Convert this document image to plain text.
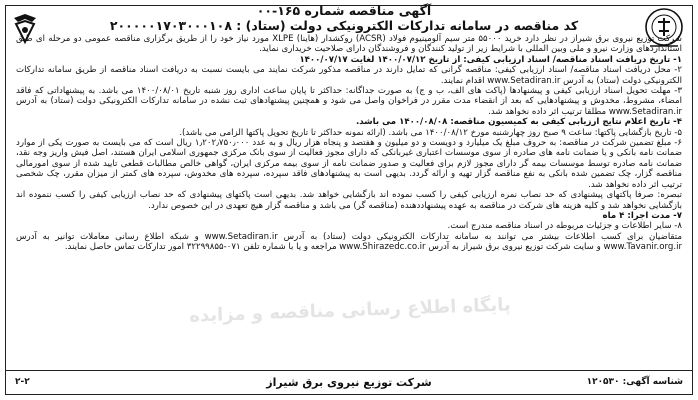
آگهی مناقصه شماره ۱۶۵-۰۰
کد مناقصه در سامانه تدارکات الکترونیکی دولت (ستاد) : ۲۰۰۰۰۰۱۷۰۳۰۰۰۱۰۸

شرکت توزیع نیروی برق شیراز در نظر دارد خرید ۵۵۰۰۰ متر سیم آلومینیوم فولاد (ACSR) روکشدار (هاینا) XLPE مورد نیاز خود را از طریق برگزاری مناقصه عمومی دو مرحله ای طبق استانداردهای وزارت نیرو و ملی وبین المللی با شرایط زیر از تولید کنندگان و فروشندگان دارای صلاحیت خریداری نماید.

۱- تاریخ دریافت اسناد مناقصه/ اسناد ارزیابی کیفی: از تاریخ ۱۴۰۰/۰۷/۱۲ لغایت ۱۴۰۰/۰۷/۱۷

۲- محل دریافت اسناد مناقصه/ اسناد ارزیابی کیفی: مناقصه گرانی که تمایل دارند در مناقصه مذکور شرکت نمایند می بایست نسبت به دریافت اسناد مناقصه از طریق سامانه تدارکات الکترونیکی دولت (ستاد) به آدرس www.Setadiran.ir اقدام نمایند.

۳- مهلت تحویل اسناد ارزیابی کیفی و پیشنهادها (پاکت های الف، ب و ج) به صورت جداگانه: حداکثر تا پایان ساعت اداری روز شنبه تاریخ ۱۴۰۰/۰۸/۰۱ می باشد. به پیشنهاداتی که فاقد امضاء، مشروط، مخدوش و پیشنهادهایی که بعد از انقضاء مدت مقرر در فراخوان واصل می شود و همچنین پیشنهادهای ثبت نشده در سامانه تدارکات الکترونیکی دولت (ستاد) به آدرس www.Setadiran.ir مطلقا ترتیب اثر داده نخواهد شد.

۴- تاریخ اعلام نتایج ارزیابی کیفی به کمیسیون مناقصه: ۱۴۰۰/۰۸/۰۸ می باشد.

۵- تاریخ بازگشایی پاکتها: ساعت ۹ صبح روز چهارشنبه مورخ ۱۴۰۰/۰۸/۱۲ می باشد. (ارائه نمونه حداکثر تا تاریخ تحویل پاکتها الزامی می باشد).

۶- مبلغ تضمین شرکت در مناقصه: به حروف مبلغ یک میلیارد و دویست و دو میلیون و هفتصد و پنجاه هزار ریال و به عدد ۱٫۲۰۲٫۷۵۰٫۰۰۰ ریال است که می بایست به صورت یکی از موارد ضمانت نامه بانکی و یا ضمانت نامه های صادره از سوی موسسات اعتباری غیربانکی که دارای مجوز فعالیت از سوی بانک مرکزی جمهوری اسلامی ایران هستند، اصل فیش واریز وجه نقد، ضمانت نامه صادره توسط موسسات بیمه گر دارای مجوز لازم برای فعالیت و صدور ضمانت نامه از سوی بیمه مرکزی ایران، گواهی خالص مطالبات قطعی تایید شده از سوی امورمالی مناقصه گزار، چک تضمین شده بانکی به نفع مناقصه گزار تهیه و ارائه گردد. بدیهی است به پیشنهادهای فاقد سپرده، سپرده های مخدوش، سپرده های کمتر از میزان مقرر، چک شخصی ترتیب اثر داده نخواهد شد.

تبصره: صرفا پاکتهای پیشنهادی که حد نصاب نمره ارزیابی کیفی را کسب نموده اند بازگشایی خواهد شد. بدیهی است پاکتهای پیشنهادی که حد نصاب ارزیابی کیفی را کسب ننموده اند بازگشایی نخواهد شد و کلیه هزینه های شرکت در مناقصه به عهده پیشنهاددهنده (مناقصه گر) می باشد و مناقصه گزار هیچ تعهدی در این خصوص ندارد.

۷- مدت اجرا: ۴ ماه

۸- سایر اطلاعات و جزئیات مربوطه در اسناد مناقصه مندرج است.

متقاضیان برای کسب اطلاعات بیشتر می توانند به سامانه تدارکات الکترونیکی دولت (ستاد) به آدرس www.Setadiran.ir و شبکه اطلاع رسانی معاملات توانیر به آدرس www.Tavanir.org.ir و سایت شرکت توزیع نیروی برق شیراز به آدرس www.Shirazedc.co.ir مراجعه و یا با شماره تلفن ۰۷۱-۳۲۲۹۹۸۵۵ امور تدارکات تماس حاصل نمایند.

پایگاه اطلاع رسانی مناقصه و مزایده
شناسه آگهی: ۱۲۰۵۳۰
شرکت توزیع نیروی برق شیراز
۲-۲
